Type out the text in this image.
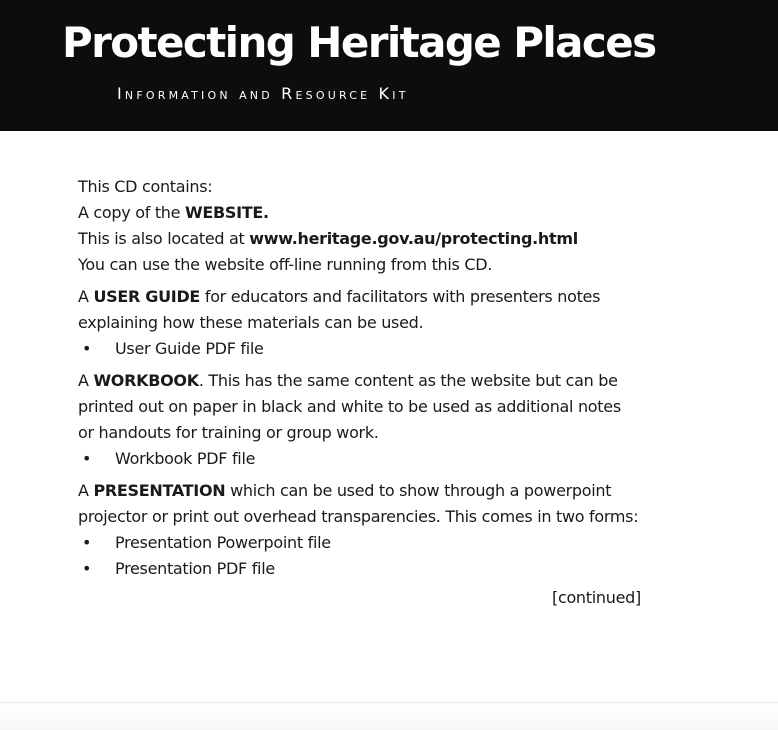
Protecting Heritage Places
Information and Resource Kit
This CD contains:
A copy of the WEBSITE.
This is also located at www.heritage.gov.au/protecting.html
You can use the website off-line running from this CD.
A USER GUIDE for educators and facilitators with presenters notes
explaining how these materials can be used.
• User Guide PDF file
A WORKBOOK. This has the same content as the website but can be
printed out on paper in black and white to be used as additional notes
or handouts for training or group work.
• Workbook PDF file
A PRESENTATION which can be used to show through a powerpoint
projector or print out overhead transparencies. This comes in two forms:
• Presentation Powerpoint file
• Presentation PDF file
[continued]
